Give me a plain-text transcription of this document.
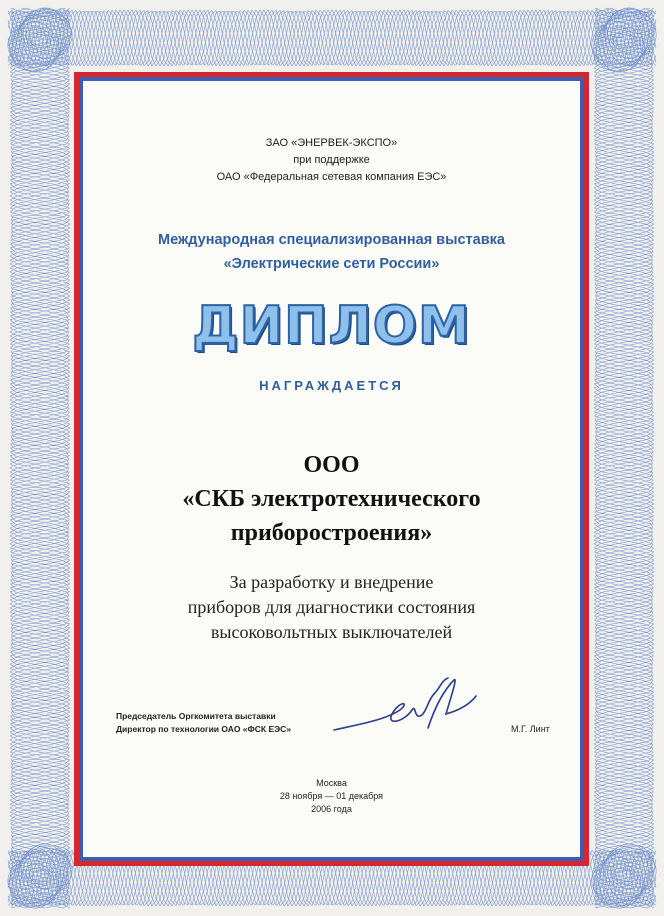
ЗАО «ЭНЕРВЕК-ЭКСПО»
при поддержке
ОАО «Федеральная сетевая компания ЕЭС»
Международная специализированная выставка
«Электрические сети России»
ДИПЛОМ
НАГРАЖДАЕТСЯ
ООО
«СКБ электротехнического
приборостроения»
За разработку и внедрение
приборов для диагностики состояния
высоковольтных выключателей
Председатель Оргкомитета выставки
Директор по технологии ОАО «ФСК ЕЭС»	М.Г. Линт
Москва
28 ноября — 01 декабря
2006 года
